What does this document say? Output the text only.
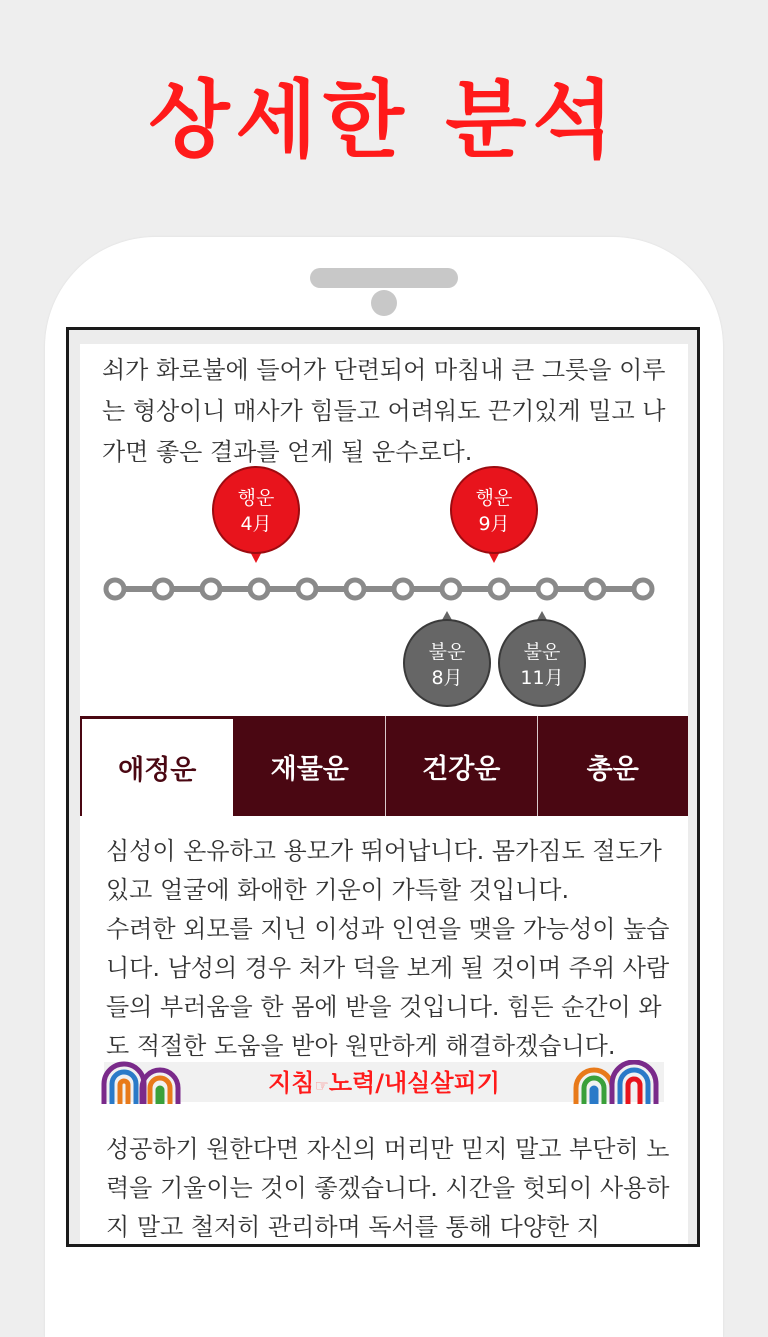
상세한 분석

쇠가 화로불에 들어가 단련되어 마침내 큰 그릇을 이루는 형상이니 매사가 힘들고 어려워도 끈기있게 밀고 나가면 좋은 결과를 얻게 될 운수로다.

행운
4月
행운
9月
불운
8月
불운
11月
애정운	재물운	건강운	총운
심성이 온유하고 용모가 뛰어납니다. 몸가짐도 절도가 있고 얼굴에 화애한 기운이 가득할 것입니다.
수려한 외모를 지닌 이성과 인연을 맺을 가능성이 높습니다. 남성의 경우 처가 덕을 보게 될 것이며 주위 사람들의 부러움을 한 몸에 받을 것입니다. 힘든 순간이 와도 적절한 도움을 받아 원만하게 해결하겠습니다.
지침☞노력/내실살피기

성공하기 원한다면 자신의 머리만 믿지 말고 부단히 노력을 기울이는 것이 좋겠습니다. 시간을 헛되이 사용하지 말고 철저히 관리하며 독서를 통해 다양한 지
